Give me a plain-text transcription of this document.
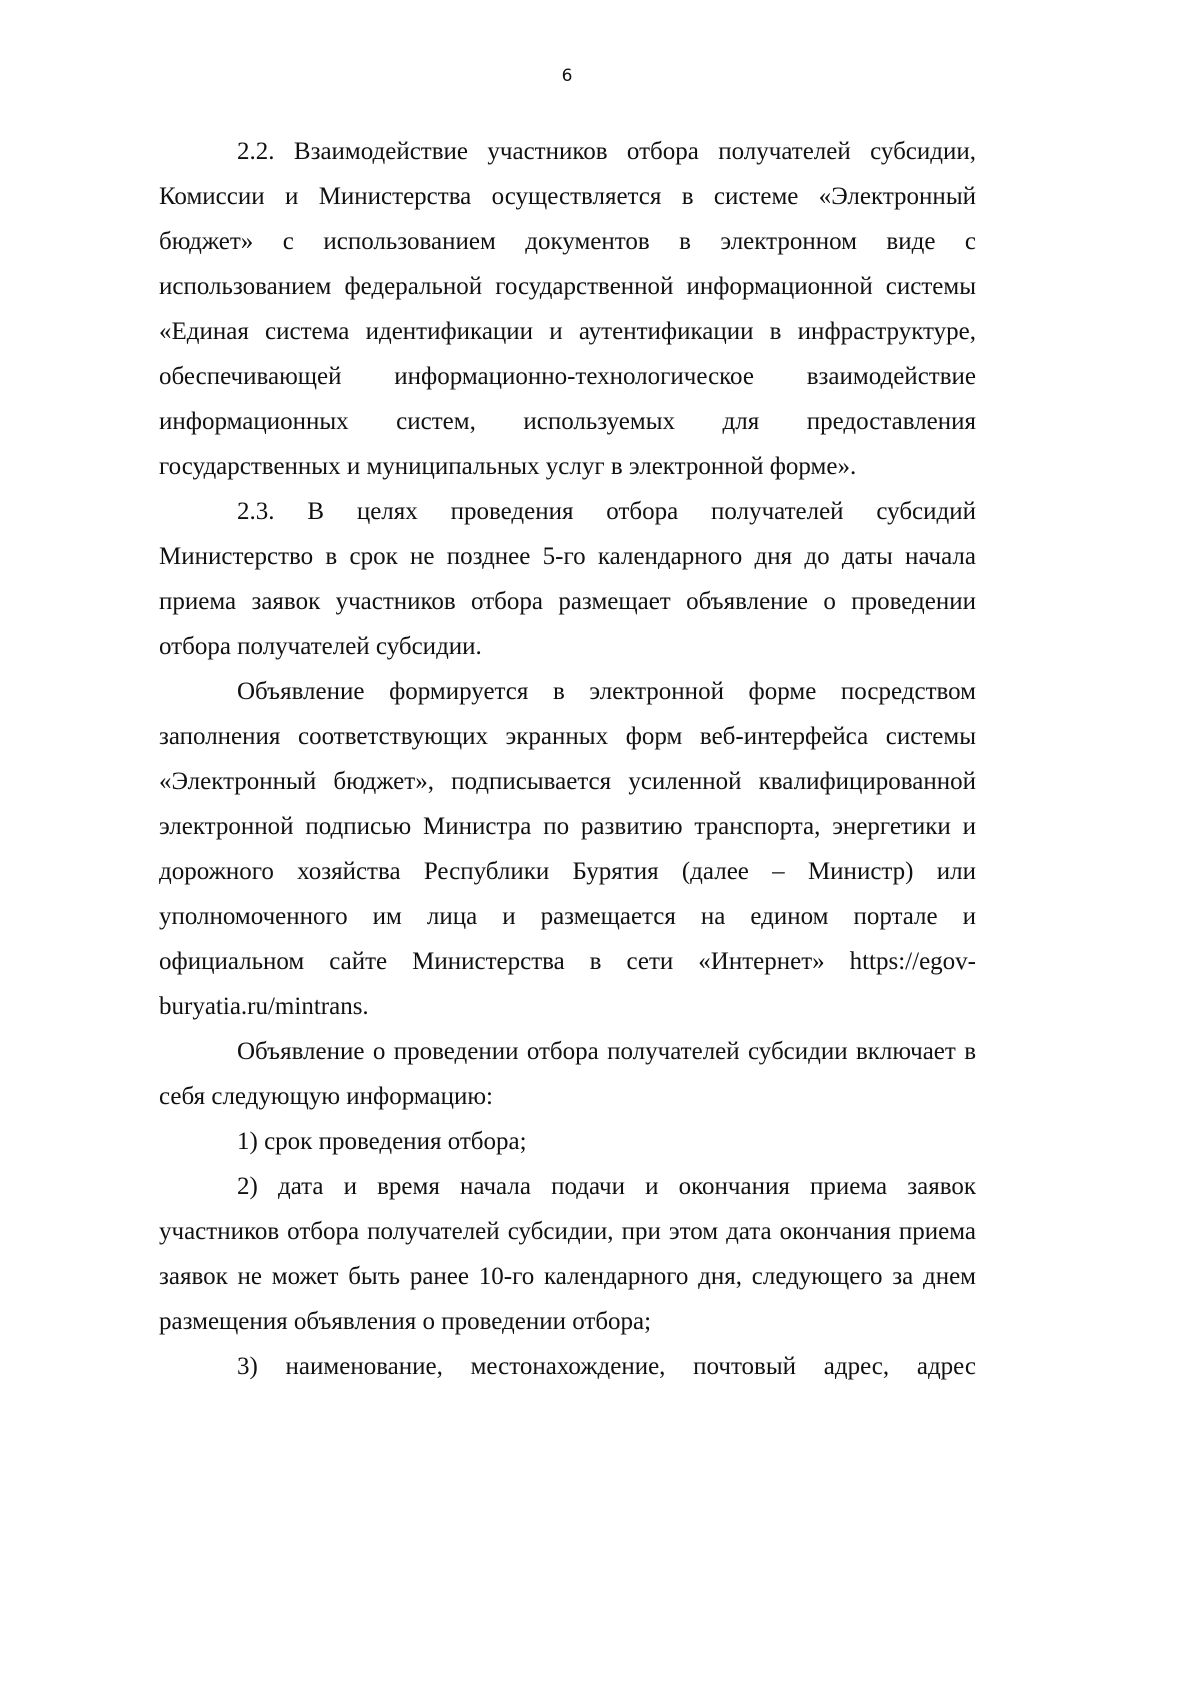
6

2.2. Взаимодействие участников отбора получателей субсидии, Комиссии и Министерства осуществляется в системе «Электронный бюджет» с использованием документов в электронном виде с использованием федеральной государственной информационной системы «Единая система идентификации и аутентификации в инфраструктуре, обеспечивающей информационно-технологическое взаимодействие информационных систем, используемых для предоставления государственных и муниципальных услуг в электронной форме».

2.3. В целях проведения отбора получателей субсидий Министерство в срок не позднее 5-го календарного дня до даты начала приема заявок участников отбора размещает объявление о проведении отбора получателей субсидии.

Объявление формируется в электронной форме посредством заполнения соответствующих экранных форм веб-интерфейса системы «Электронный бюджет», подписывается усиленной квалифицированной электронной подписью Министра по развитию транспорта, энергетики и дорожного хозяйства Республики Бурятия (далее – Министр) или уполномоченного им лица и размещается на едином портале и официальном сайте Министерства в сети «Интернет» https://egov-buryatia.ru/mintrans.

Объявление о проведении отбора получателей субсидии включает в себя следующую информацию:

1) срок проведения отбора;

2) дата и время начала подачи и окончания приема заявок участников отбора получателей субсидии, при этом дата окончания приема заявок не может быть ранее 10-го календарного дня, следующего за днем размещения объявления о проведении отбора;

3) наименование, местонахождение, почтовый адрес, адрес
